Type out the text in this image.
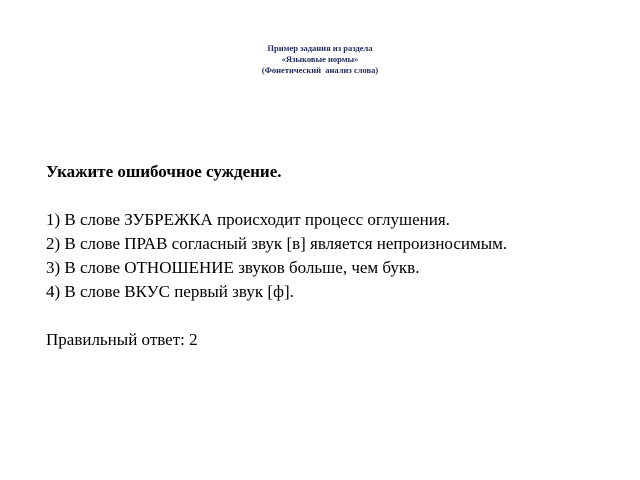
Пример задания из раздела
«Языковые нормы»
(Фонетический  анализ слова)

Укажите ошибочное суждение.

1) В слове ЗУБРЕЖКА происходит процесс оглушения.
2) В слове ПРАВ согласный звук [в] является непроизносимым.
3) В слове ОТНОШЕНИЕ звуков больше, чем букв.
4) В слове ВКУС первый звук [ф].
Правильный ответ: 2
